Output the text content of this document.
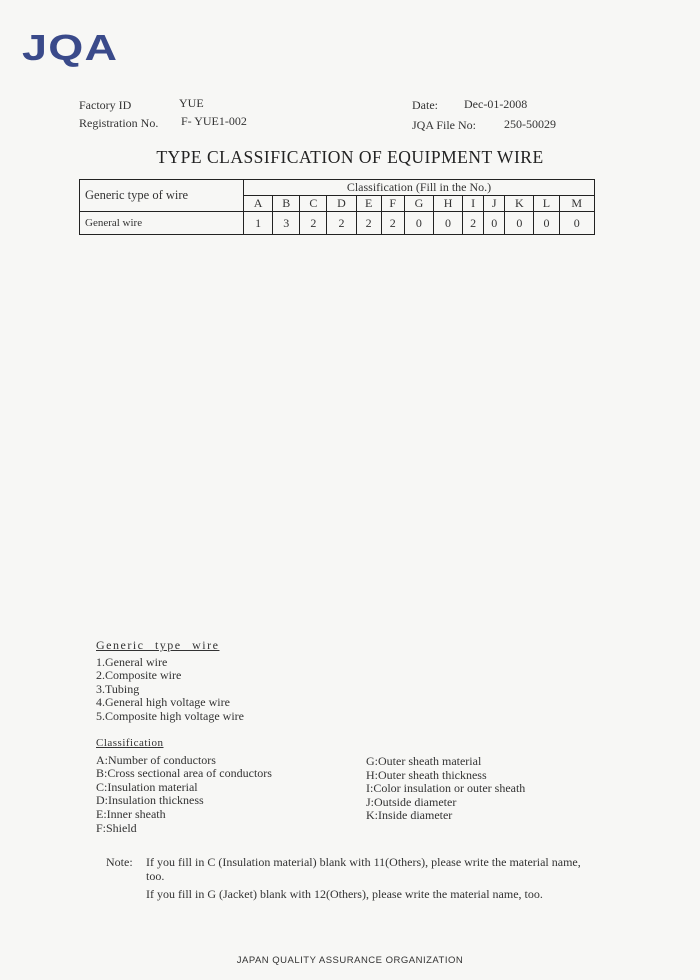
JQA
Factory ID	YUE
Registration No. F- YUE1-002
Date: Dec-01-2008
JQA File No: 250-50029
TYPE CLASSIFICATION OF EQUIPMENT WIRE
Generic type of wire	Classification (Fill in the No.)												
	A	B	C	D	E	F	G	H	I	J	K	L	M
General wire	1	3	2	2	2	2	0	0	2	0	0	0	0
Generic type wire
1.General wire
2.Composite wire
3.Tubing
4.General high voltage wire
5.Composite high voltage wire
Classification
A:Number of conductors
B:Cross sectional area of conductors
C:Insulation material
D:Insulation thickness
E:Inner sheath
F:Shield
G:Outer sheath material
H:Outer sheath thickness
I:Color insulation or outer sheath
J:Outside diameter
K:Inside diameter
Note:	If you fill in C (Insulation material) blank with 11(Others), please write the material name, too.
If you fill in G (Jacket) blank with 12(Others), please write the material name, too.
JAPAN QUALITY ASSURANCE ORGANIZATION
